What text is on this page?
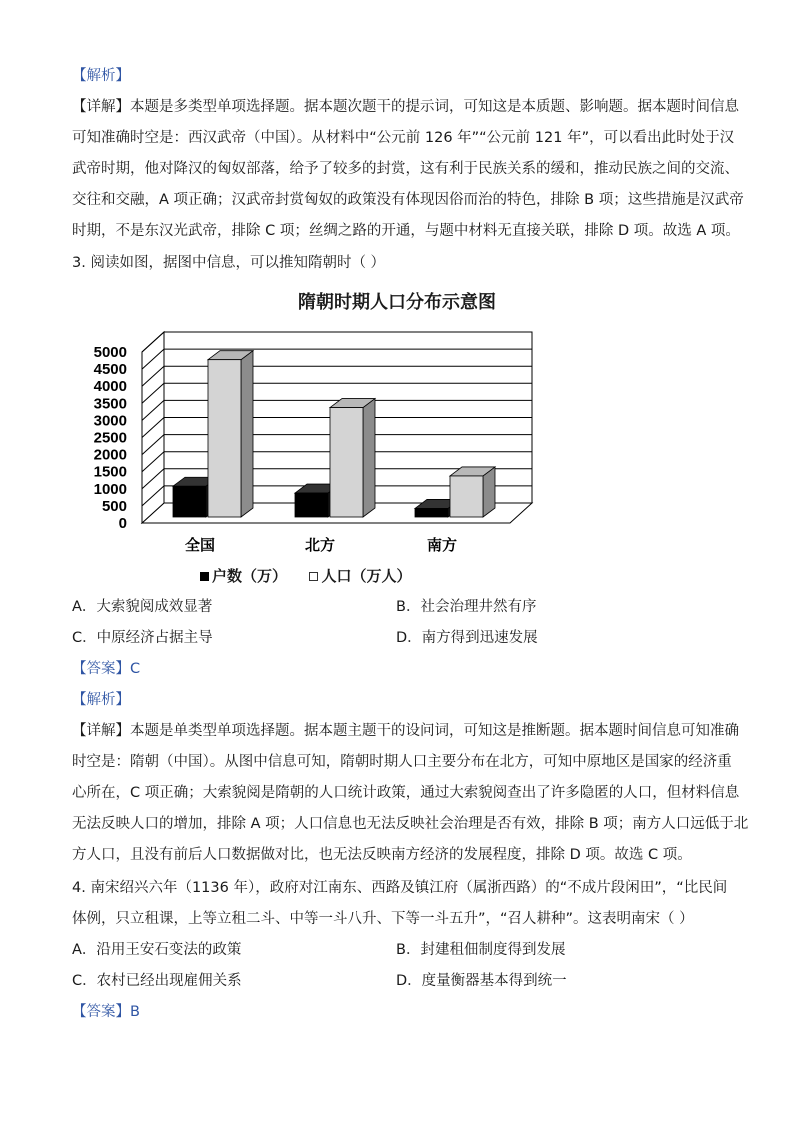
【解析】
【详解】本题是多类型单项选择题。据本题次题干的提示词，可知这是本质题、影响题。据本题时间信息
可知准确时空是：西汉武帝（中国）。从材料中“公元前 126 年”“公元前 121 年”，可以看出此时处于汉
武帝时期，他对降汉的匈奴部落，给予了较多的封赏，这有利于民族关系的缓和，推动民族之间的交流、
交往和交融，A 项正确；汉武帝封赏匈奴的政策没有体现因俗而治的特色，排除 B 项；这些措施是汉武帝
时期，不是东汉光武帝，排除 C 项；丝绸之路的开通，与题中材料无直接关联，排除 D 项。故选 A 项。
3. 阅读如图，据图中信息，可以推知隋朝时（ ）
隋朝时期人口分布示意图
0
500
1000
1500
2000
2500
3000
3500
4000
4500
5000
全国	北方	南方
户数（万） 人口（万人）
A．大索貌阅成效显著	B．社会治理井然有序
C．中原经济占据主导	D．南方得到迅速发展
【答案】C
【解析】
【详解】本题是单类型单项选择题。据本题主题干的设问词，可知这是推断题。据本题时间信息可知准确
时空是：隋朝（中国）。从图中信息可知，隋朝时期人口主要分布在北方，可知中原地区是国家的经济重
心所在，C 项正确；大索貌阅是隋朝的人口统计政策，通过大索貌阅查出了许多隐匿的人口，但材料信息
无法反映人口的增加，排除 A 项；人口信息也无法反映社会治理是否有效，排除 B 项；南方人口远低于北
方人口，且没有前后人口数据做对比，也无法反映南方经济的发展程度，排除 D 项。故选 C 项。
4. 南宋绍兴六年（1136 年），政府对江南东、西路及镇江府（属浙西路）的“不成片段闲田”，“比民间
体例，只立租课，上等立租二斗、中等一斗八升、下等一斗五升”，“召人耕种”。这表明南宋（ ）
A．沿用王安石变法的政策	B．封建租佃制度得到发展
C．农村已经出现雇佣关系	D．度量衡器基本得到统一
【答案】B
